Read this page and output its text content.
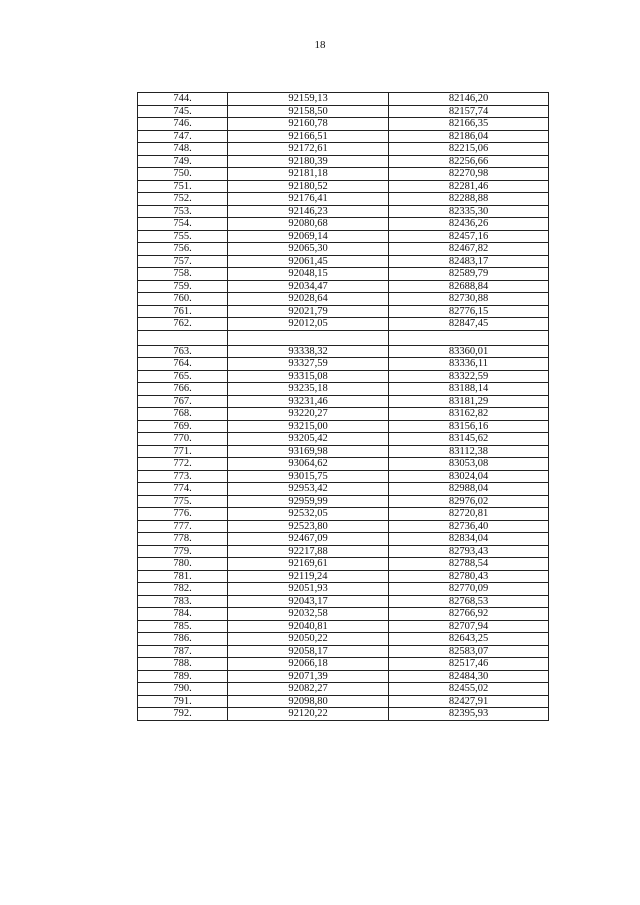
18
744.	92159,13	82146,20
745.	92158,50	82157,74
746.	92160,78	82166,35
747.	92166,51	82186,04
748.	92172,61	82215,06
749.	92180,39	82256,66
750.	92181,18	82270,98
751.	92180,52	82281,46
752.	92176,41	82288,88
753.	92146,23	82335,30
754.	92080,68	82436,26
755.	92069,14	82457,16
756.	92065,30	82467,82
757.	92061,45	82483,17
758.	92048,15	82589,79
759.	92034,47	82688,84
760.	92028,64	82730,88
761.	92021,79	82776,15
762.	92012,05	82847,45

763.	93338,32	83360,01
764.	93327,59	83336,11
765.	93315,08	83322,59
766.	93235,18	83188,14
767.	93231,46	83181,29
768.	93220,27	83162,82
769.	93215,00	83156,16
770.	93205,42	83145,62
771.	93169,98	83112,38
772.	93064,62	83053,08
773.	93015,75	83024,04
774.	92953,42	82988,04
775.	92959,99	82976,02
776.	92532,05	82720,81
777.	92523,80	82736,40
778.	92467,09	82834,04
779.	92217,88	82793,43
780.	92169,61	82788,54
781.	92119,24	82780,43
782.	92051,93	82770,09
783.	92043,17	82768,53
784.	92032,58	82766,92
785.	92040,81	82707,94
786.	92050,22	82643,25
787.	92058,17	82583,07
788.	92066,18	82517,46
789.	92071,39	82484,30
790.	92082,27	82455,02
791.	92098,80	82427,91
792.	92120,22	82395,93
